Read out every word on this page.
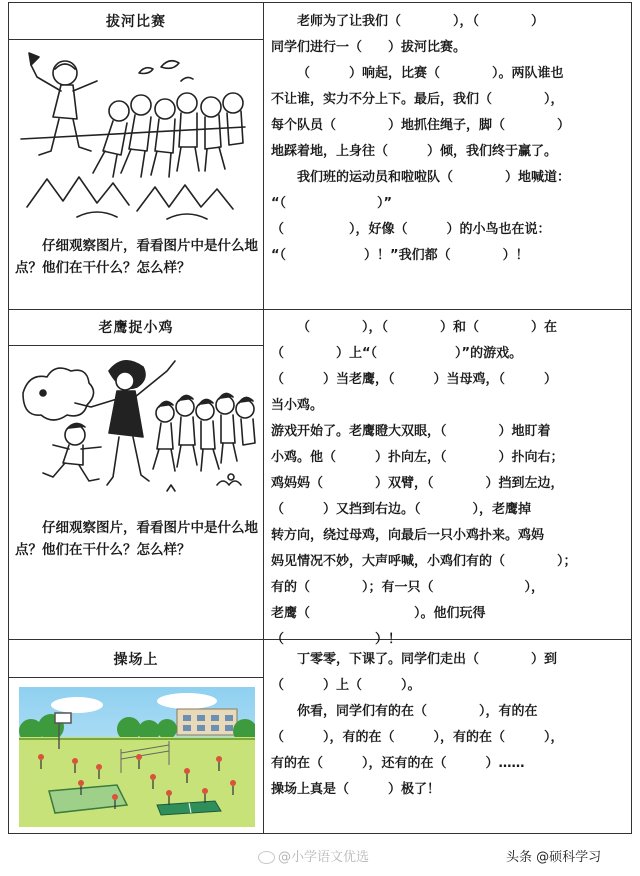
拔河比赛
仔细观察图片，看看图片中是什么地点？他们在干什么？怎么样？
老师为了让我们（　　　　），（　　　　）
同学们进行一（　　）拔河比赛。
（　　　）响起，比赛（　　　　）。两队谁也
不让谁，实力不分上下。最后，我们（　　　　），
每个队员（　　　　）地抓住绳子，脚（　　　　）
地踩着地，上身往（　　　）倾，我们终于赢了。
我们班的运动员和啦啦队（　　　　）地喊道：
“（　　　　　　　）”
（　　　　　），好像（　　　）的小鸟也在说：
“（　　　　　　）！”我们都（　　　　）！
老鹰捉小鸡
仔细观察图片，看看图片中是什么地点？他们在干什么？怎么样？
（　　　　），（　　　　）和（　　　　）在
（　　　　）上“（　　　　　　）”的游戏。
（　　　）当老鹰，（　　　）当母鸡，（　　　）
当小鸡。
游戏开始了。老鹰瞪大双眼，（　　　　）地盯着
小鸡。他（　　　）扑向左，（　　　　）扑向右；
鸡妈妈（　　　　）双臂，（　　　　）挡到左边，
（　　　）又挡到右边。（　　　　），老鹰掉
转方向，绕过母鸡，向最后一只小鸡扑来。鸡妈
妈见情况不妙，大声呼喊，小鸡们有的（　　　　）；
有的（　　　　）；有一只（　　　　　　　），
老鹰（　　　　　　　　）。他们玩得
（　　　　　　　）！
操场上	丁零零，下课了。同学们走出（　　　　）到
（　　　）上（　　　）。
你看，同学们有的在（　　　　），有的在
（　　　），有的在（　　　），有的在（　　　），
有的在（　　　），还有的在（　　　）……
操场上真是（　　　）极了！
@小学语文优选	头条 @硕科学习
